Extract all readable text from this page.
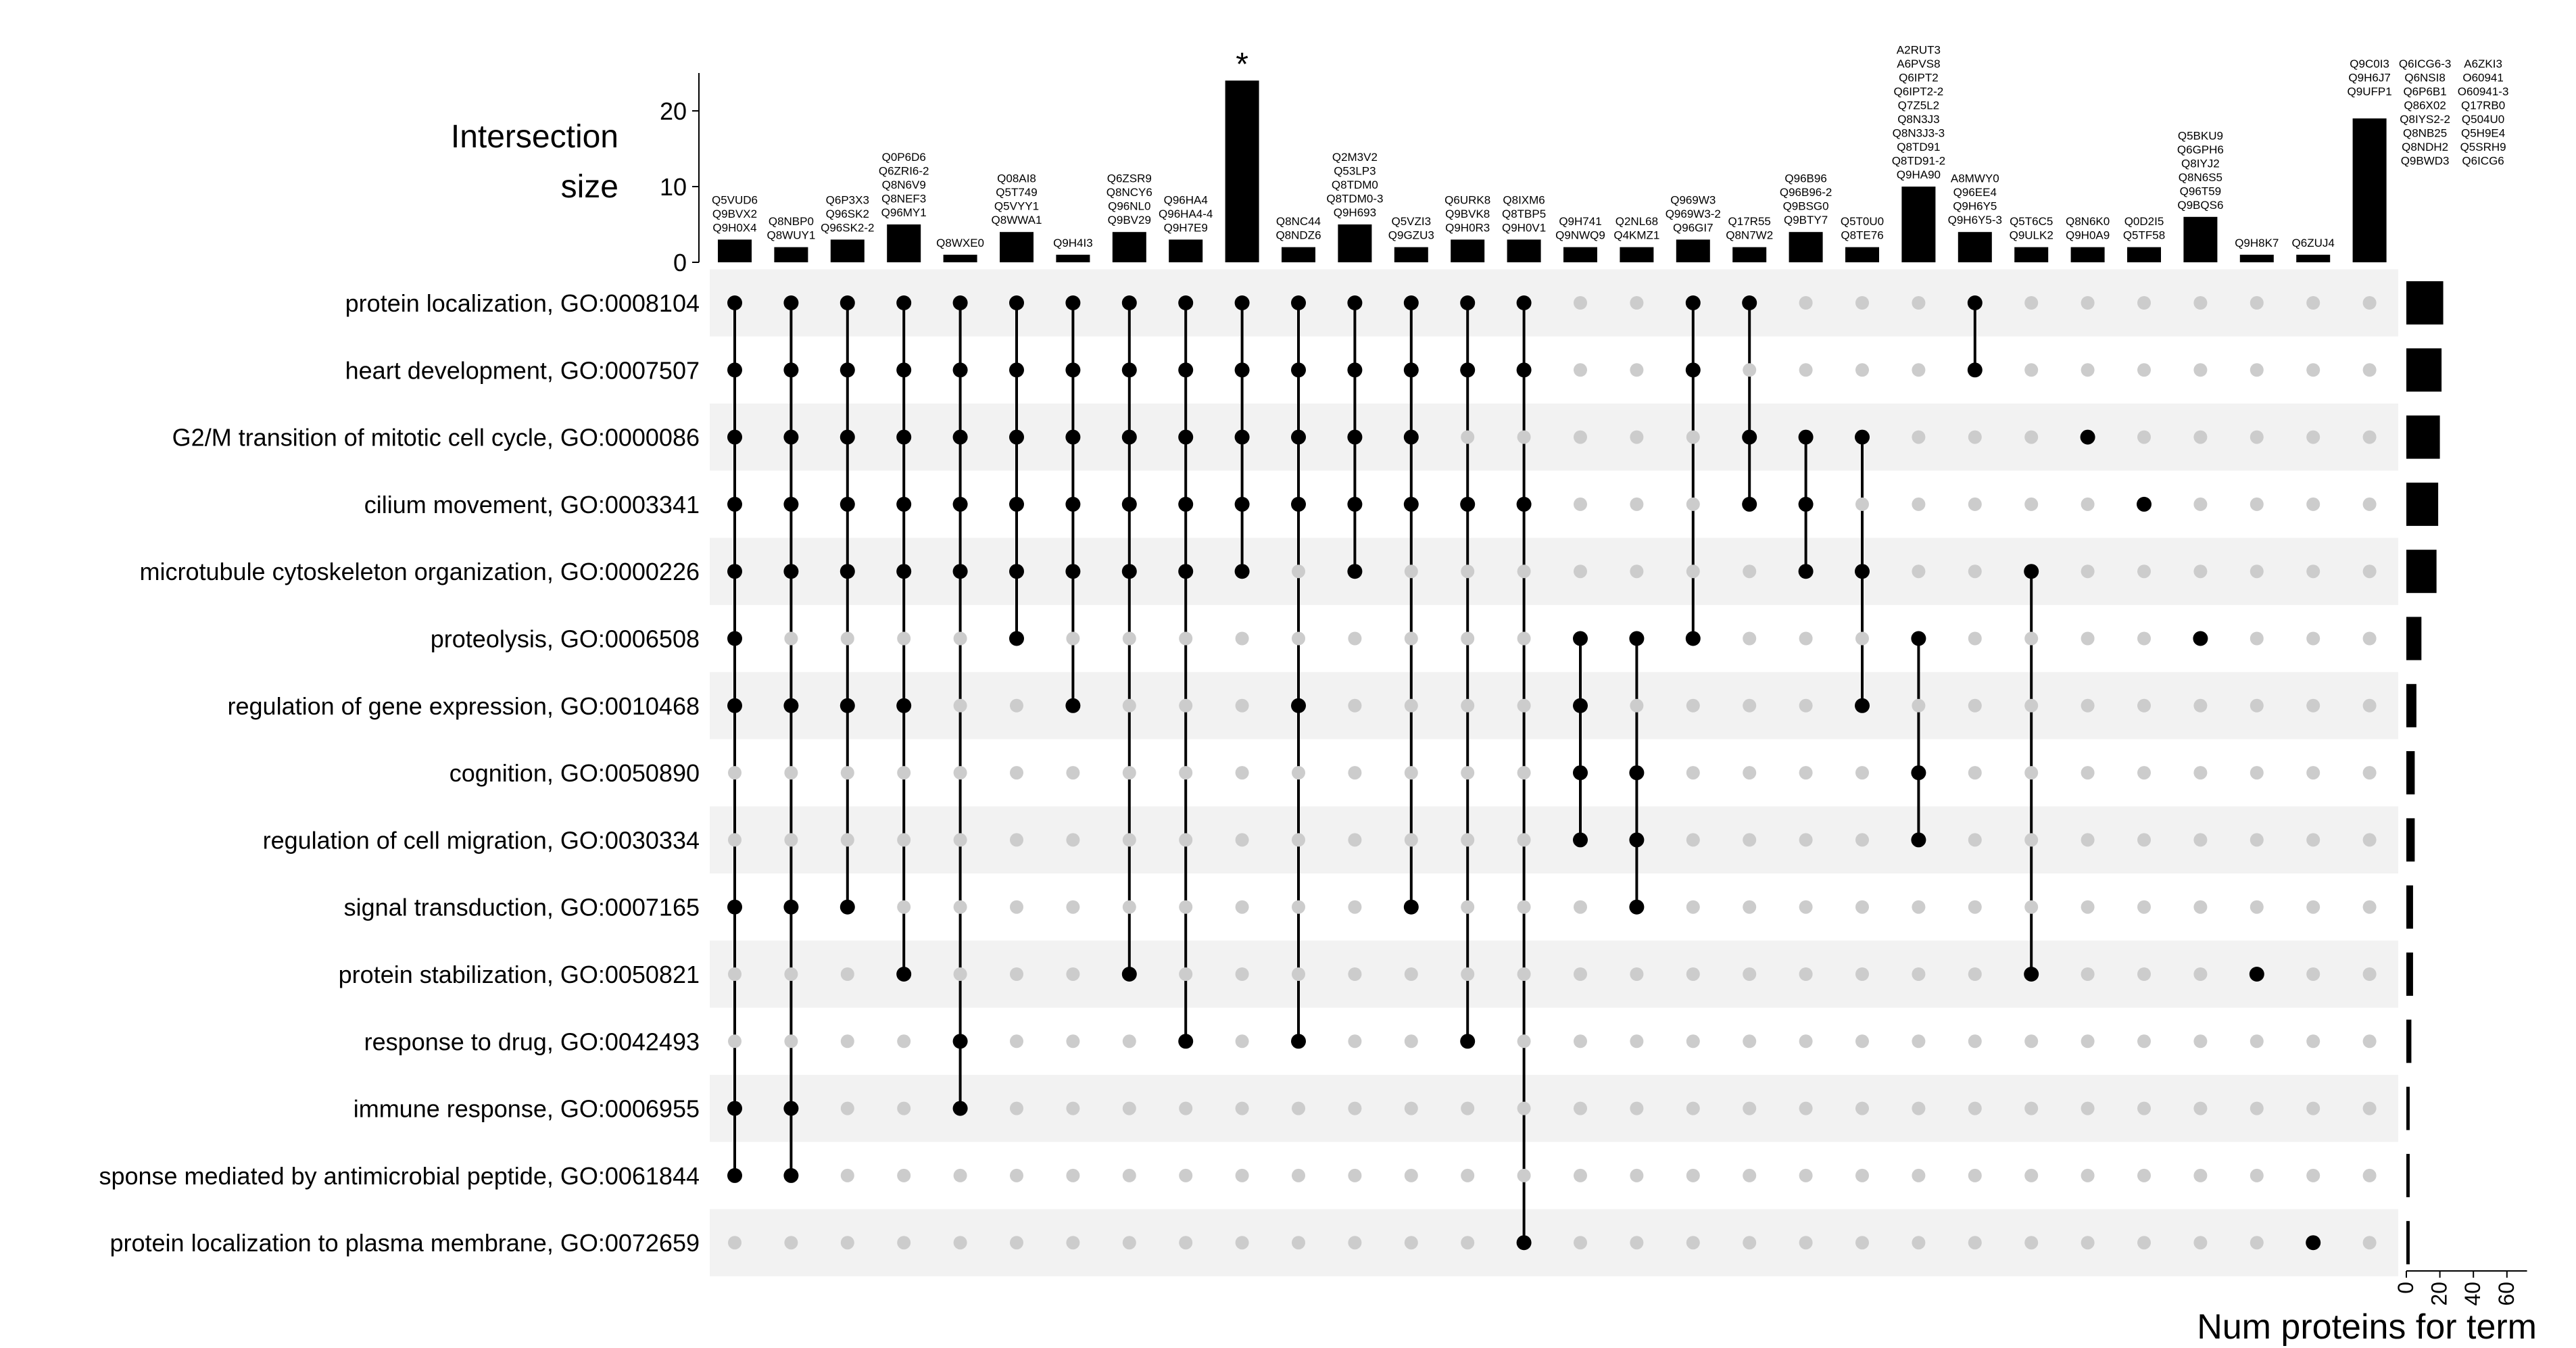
Q5VUD6
Q9BVX2
Q9H0X4 Q8NBP0
Q8WUY1
Q6P3X3
Q96SK2
Q96SK2-2
Q0P6D6
Q6ZRI6-2
Q8N6V9
Q8NEF3
Q96MY1
Q8WXE0
Q08AI8
Q5T749
Q5VYY1
Q8WWA1
Q9H4I3
Q6ZSR9
Q8NCY6
Q96NL0
Q9BV29
Q96HA4
Q96HA4-4
Q9H7E9
*
Q8NC44
Q8NDZ6
Q2M3V2
Q53LP3
Q8TDM0
Q8TDM0-3
Q9H693
Q5VZI3
Q9GZU3
Q6URK8
Q9BVK8
Q9H0R3
Q8IXM6
Q8TBP5
Q9H0V1 Q9H741
Q9NWQ9
Q2NL68
Q4KMZ1
Q969W3
Q969W3-2
Q96GI7 Q17R55
Q8N7W2
Q96B96
Q96B96-2
Q9BSG0
Q9BTY7 Q5T0U0
Q8TE76
A2RUT3
A6PVS8
Q6IPT2
Q6IPT2-2
Q7Z5L2
Q8N3J3
Q8N3J3-3
Q8TD91
Q8TD91-2
Q9HA90 A8MWY0
Q96EE4
Q9H6Y5
Q9H6Y5-3 Q5T6C5
Q9ULK2
Q8N6K0
Q9H0A9
Q0D2I5
Q5TF58
Q5BKU9
Q6GPH6
Q8IYJ2
Q8N6S5
Q96T59
Q9BQS6
Q9H8K7 Q6ZUJ4
Q9C0I3
Q9H6J7
Q9UFP1
Q6ICG6-3
Q6NSI8
Q6P6B1
Q86X02
Q8IYS2-2
Q8NB25
Q8NDH2
Q9BWD3
A6ZKI3
O60941
O60941-3
Q17RB0
Q504U0
Q5H9E4
Q5SRH9
Q6ICG6
0
10
20
Intersection
size
protein localization, GO:0008104
heart development, GO:0007507
G2/M transition of mitotic cell cycle, GO:0000086
cilium movement, GO:0003341
microtubule cytoskeleton organization, GO:0000226
proteolysis, GO:0006508
regulation of gene expression, GO:0010468
cognition, GO:0050890
regulation of cell migration, GO:0030334
signal transduction, GO:0007165
protein stabilization, GO:0050821
response to drug, GO:0042493
immune response, GO:0006955
sponse mediated by antimicrobial peptide, GO:0061844
protein localization to plasma membrane, GO:0072659
0 20 40 60
Num proteins for term
